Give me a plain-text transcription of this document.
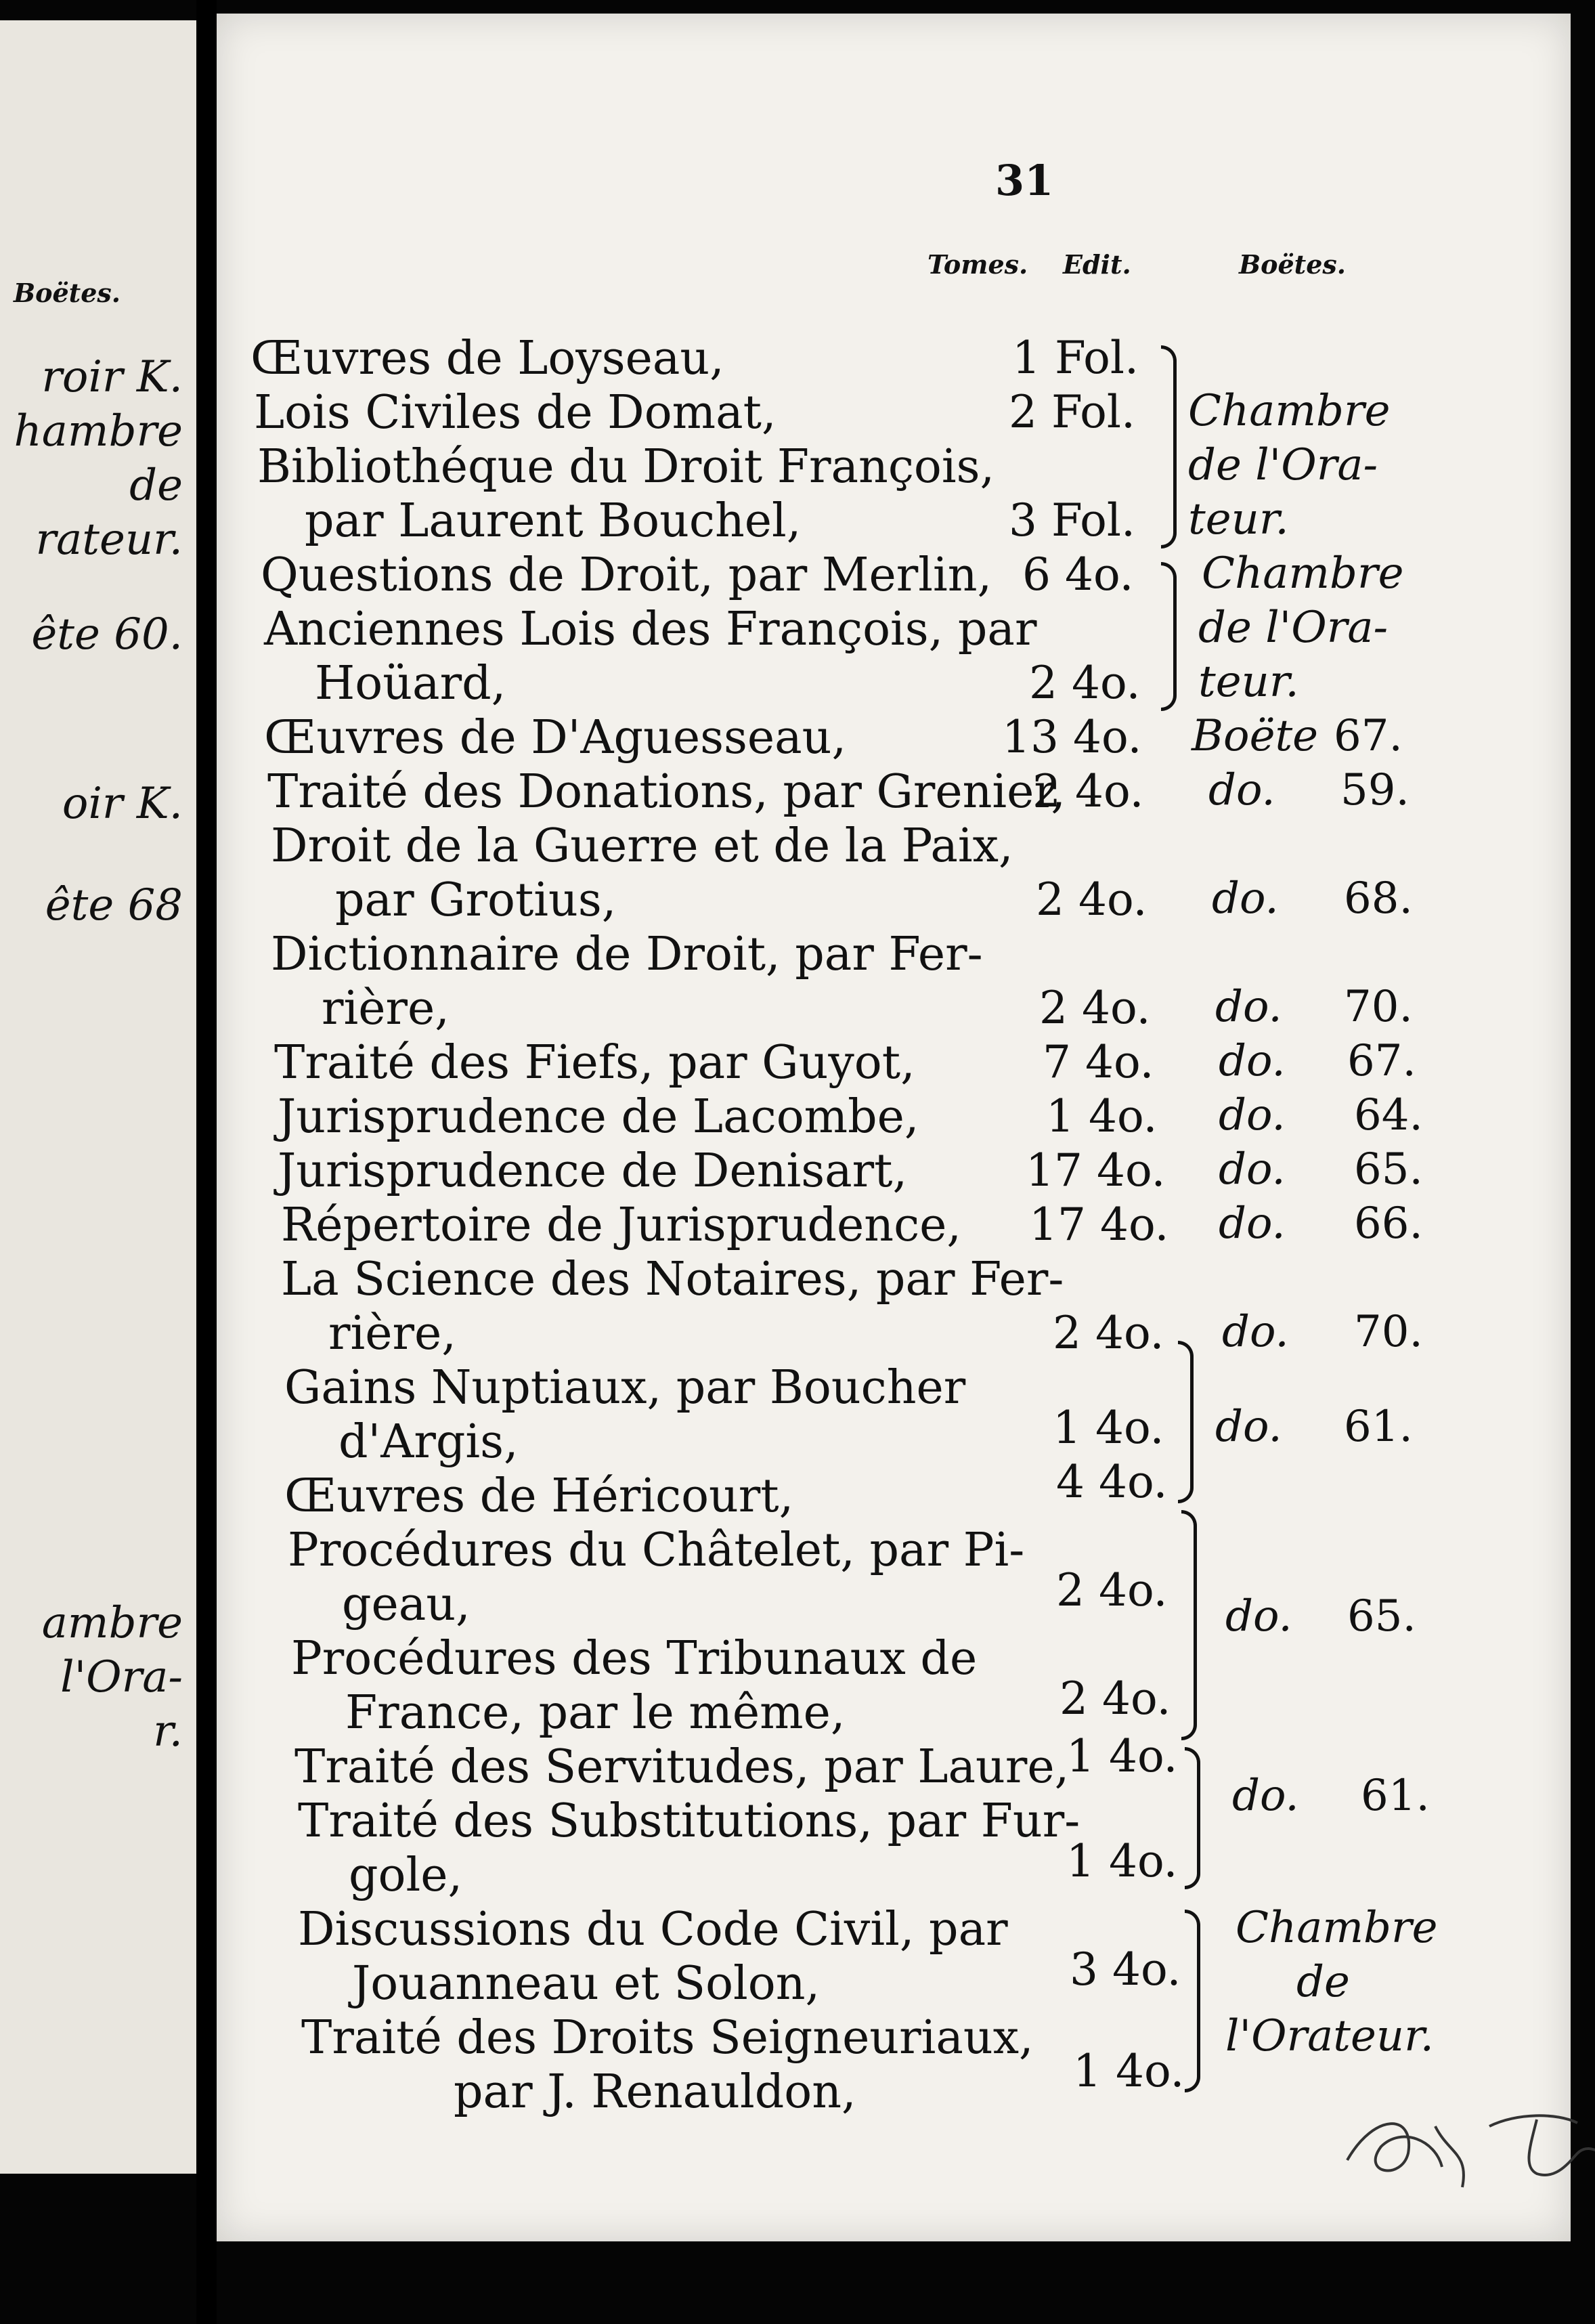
Boëtes.
roir K.
hambre
de
rateur.
ête 60.
oir K.
ête 68
ambre
l'Ora-
r.
31
Tomes. Edit.	Boëtes.
Œuvres de Loyseau,
Lois Civiles de Domat,
Bibliothéque du Droit François,
par Laurent Bouchel,
Questions de Droit, par Merlin,
Anciennes Lois des François, par
Hoüard,
Œuvres de D'Aguesseau,
Traité des Donations, par Grenier,
Droit de la Guerre et de la Paix,
par Grotius,
Dictionnaire de Droit, par Fer-
rière,
Traité des Fiefs, par Guyot,
Jurisprudence de Lacombe,
Jurisprudence de Denisart,
Répertoire de Jurisprudence,
La Science des Notaires, par Fer-
rière,
Gains Nuptiaux, par Boucher
d'Argis,
Œuvres de Héricourt,
Procédures du Châtelet, par Pi-
geau,
Procédures des Tribunaux de
France, par le même,
Traité des Servitudes, par Laure,
Traité des Substitutions, par Fur-
gole,
Discussions du Code Civil, par
Jouanneau et Solon,
Traité des Droits Seigneuriaux,
par J. Renauldon,
1 Fol.
2 Fol.
3 Fol.
6 4o.
2 4o.
13 4o.
2 4o.
2 4o.
2 4o.
7 4o.
1 4o.
17 4o.
17 4o.
2 4o.
1 4o.
4 4o.
2 4o.
2 4o.
1 4o.
1 4o.
3 4o.
1 4o.
Chambre
de l'Ora-
teur.
Chambre
de l'Ora-
teur.
Boëte
do.
do.
do.
do.
do.
do.
do.
do.
do.
do.
do.
Chambre
de
l'Orateur.
67.
59.
68.
70.
67.
64.
65.
66.
70.
61.
65.
61.
